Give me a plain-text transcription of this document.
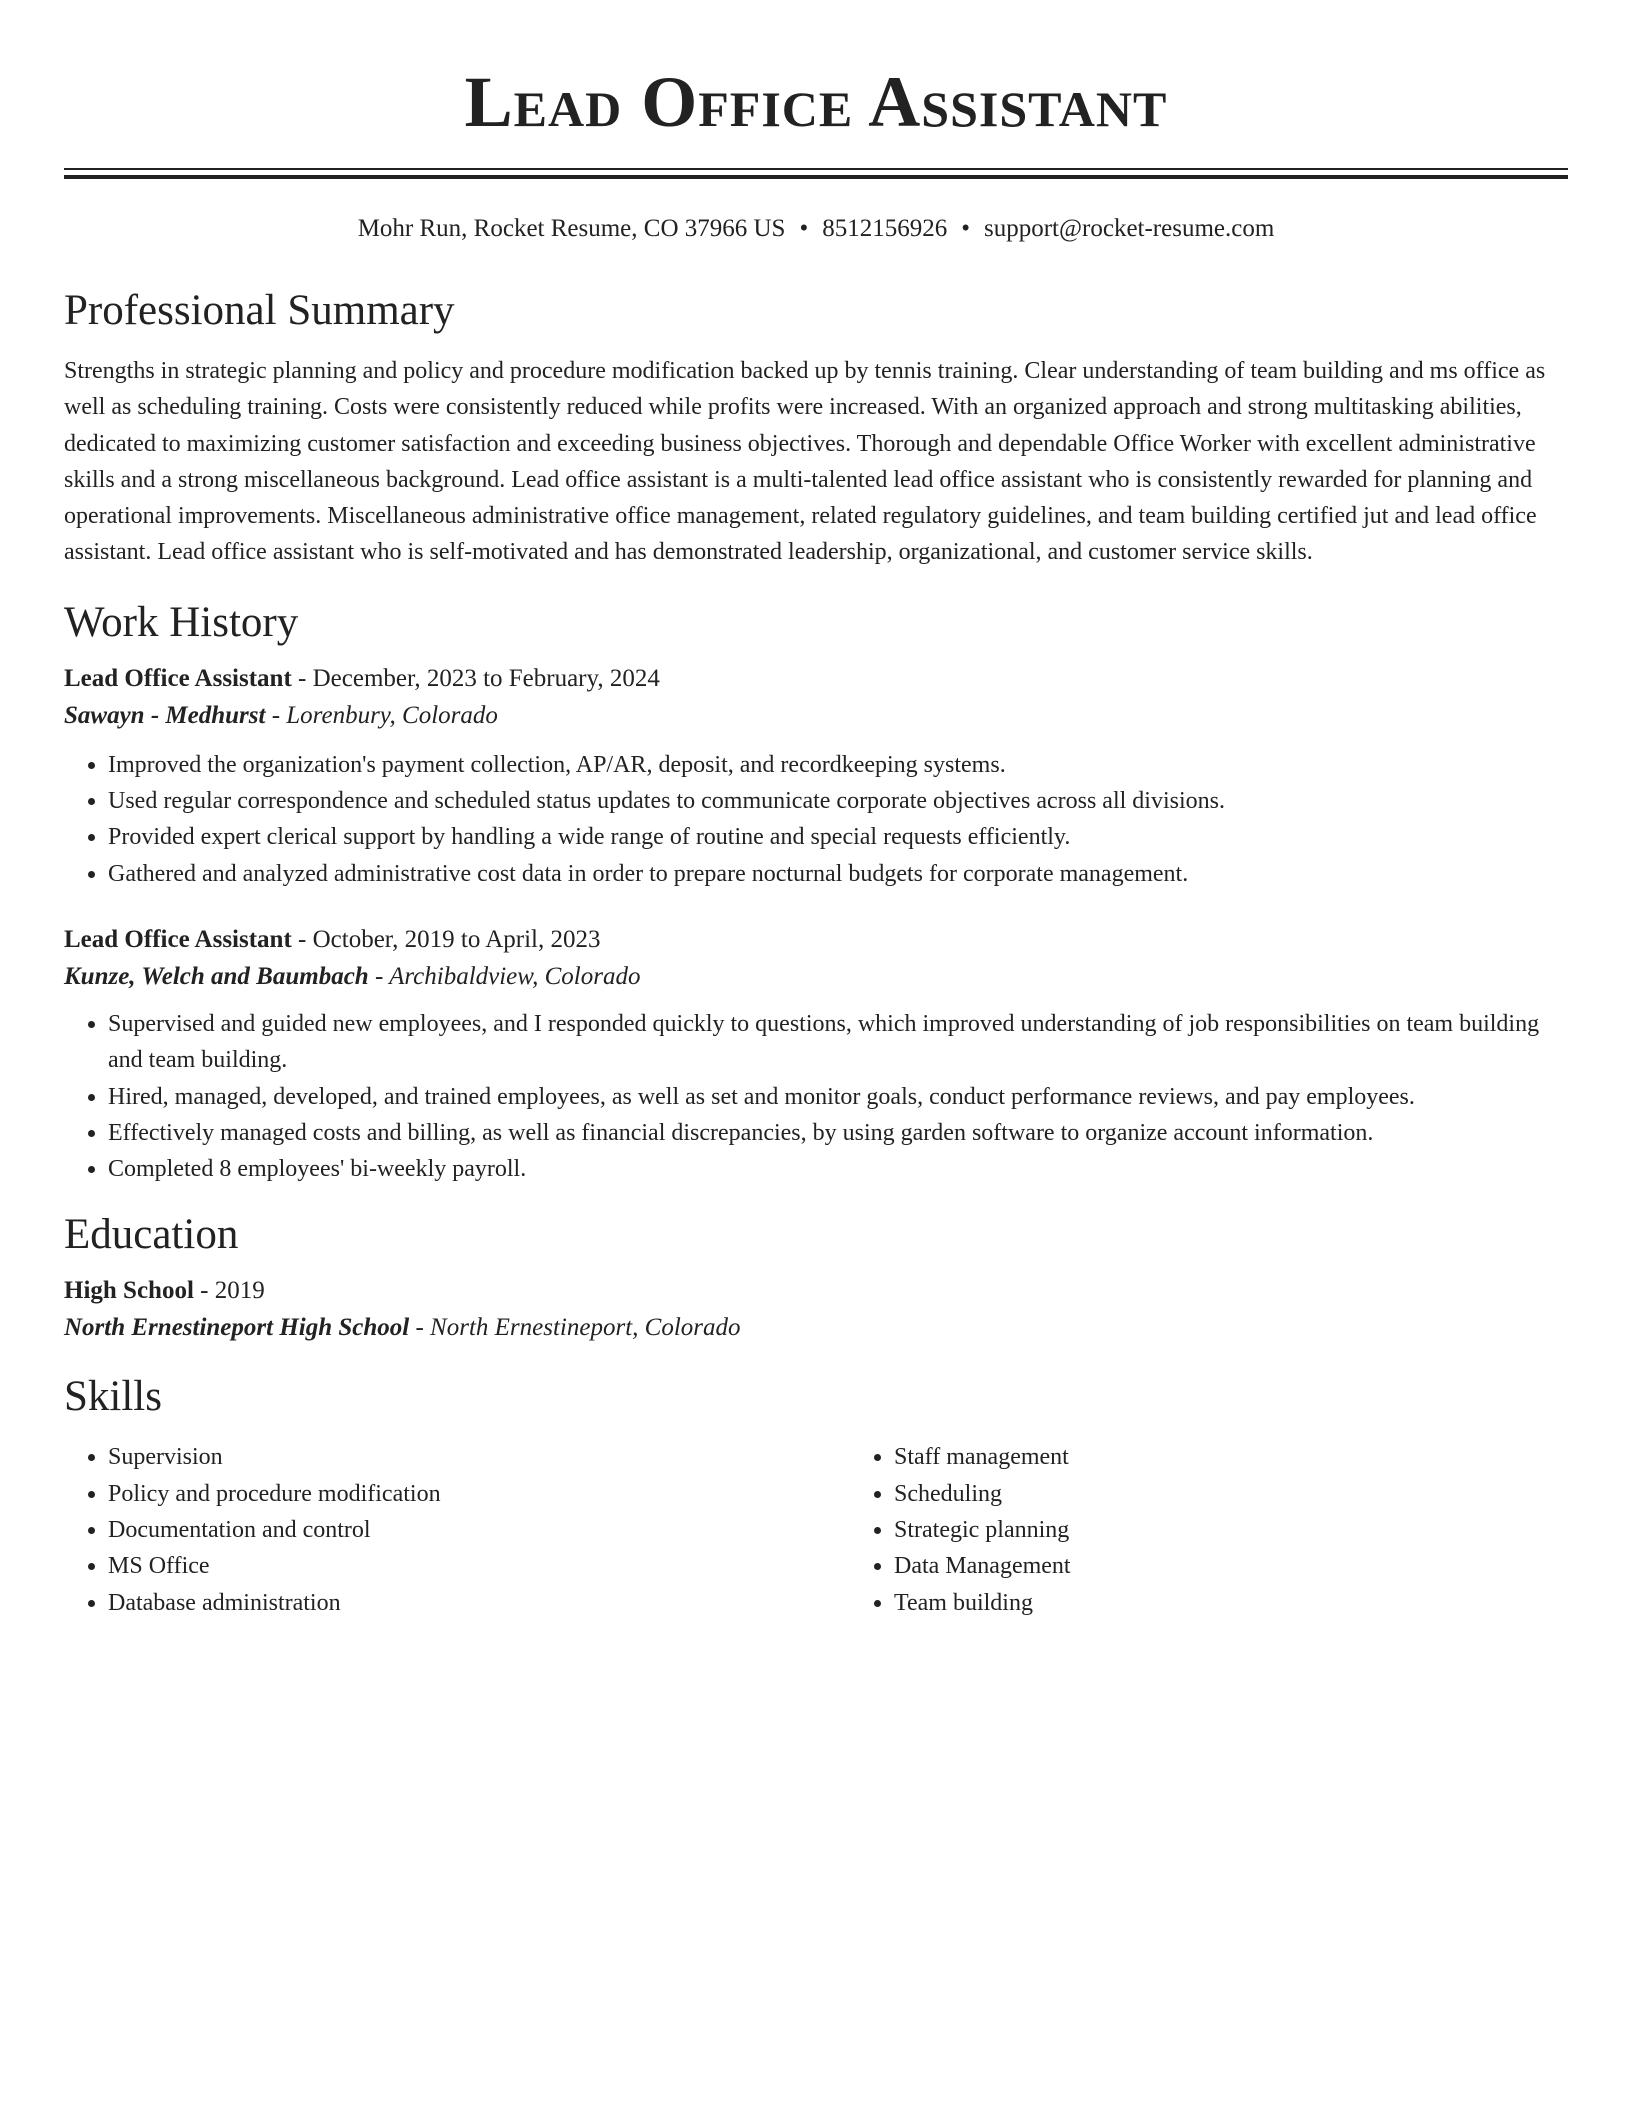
Lead Office Assistant
Mohr Run, Rocket Resume, CO 37966 US • 8512156926 • support@rocket-resume.com
Professional Summary

Strengths in strategic planning and policy and procedure modification backed up by tennis training. Clear understanding of team building and ms office as well as scheduling training. Costs were consistently reduced while profits were increased. With an organized approach and strong multitasking abilities, dedicated to maximizing customer satisfaction and exceeding business objectives. Thorough and dependable Office Worker with excellent administrative skills and a strong miscellaneous background. Lead office assistant is a multi-talented lead office assistant who is consistently rewarded for planning and operational improvements. Miscellaneous administrative office management, related regulatory guidelines, and team building certified jut and lead office assistant. Lead office assistant who is self-motivated and has demonstrated leadership, organizational, and customer service skills.

Work History
Lead Office Assistant - December, 2023 to February, 2024
Sawayn - Medhurst - Lorenbury, Colorado
• Improved the organization's payment collection, AP/AR, deposit, and recordkeeping systems.
• Used regular correspondence and scheduled status updates to communicate corporate objectives across all divisions.
• Provided expert clerical support by handling a wide range of routine and special requests efficiently.
• Gathered and analyzed administrative cost data in order to prepare nocturnal budgets for corporate management.
Lead Office Assistant - October, 2019 to April, 2023
Kunze, Welch and Baumbach - Archibaldview, Colorado
• Supervised and guided new employees, and I responded quickly to questions, which improved understanding of job responsibilities on team building and team building.
• Hired, managed, developed, and trained employees, as well as set and monitor goals, conduct performance reviews, and pay employees.
• Effectively managed costs and billing, as well as financial discrepancies, by using garden software to organize account information.
• Completed 8 employees' bi-weekly payroll.
Education
High School - 2019
North Ernestineport High School - North Ernestineport, Colorado
Skills
• Supervision
• Policy and procedure modification
• Documentation and control
• MS Office
• Database administration
• Staff management
• Scheduling
• Strategic planning
• Data Management
• Team building
